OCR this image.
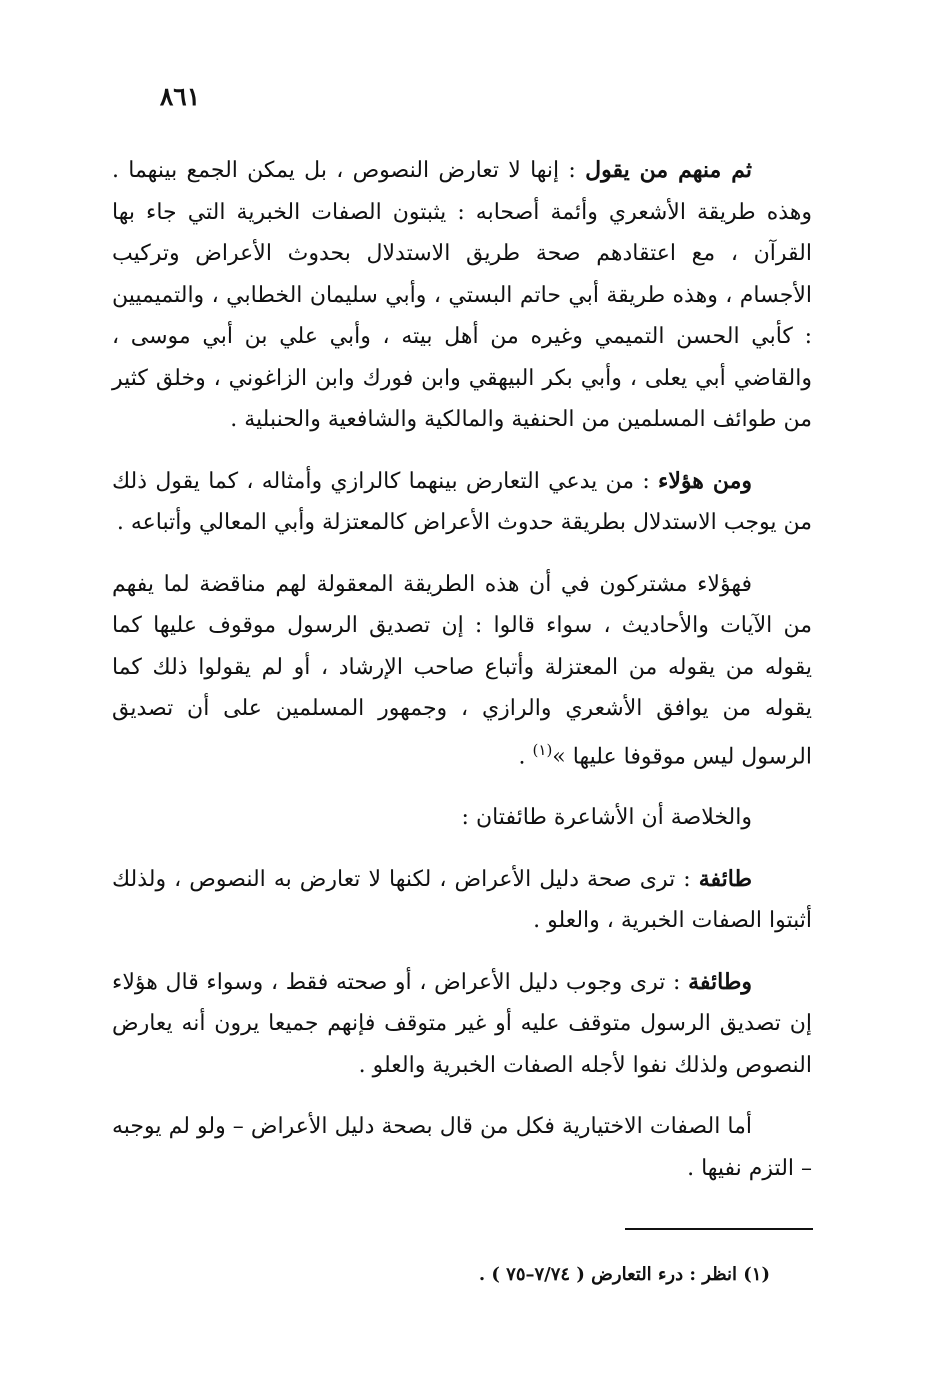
٨٦١

ثم منهم من يقول : إنها لا تعارض النصوص ، بل يمكن الجمع بينهما . وهذه طريقة الأشعري وأئمة أصحابه : يثبتون الصفات الخبرية التي جاء بها القرآن ، مع اعتقادهم صحة طريق الاستدلال بحدوث الأعراض وتركيب الأجسام ، وهذه طريقة أبي حاتم البستي ، وأبي سليمان الخطابي ، والتميميين : كأبي الحسن التميمي وغيره من أهل بيته ، وأبي علي بن أبي موسى ، والقاضي أبي يعلى ، وأبي بكر البيهقي وابن فورك وابن الزاغوني ، وخلق كثير من طوائف المسلمين من الحنفية والمالكية والشافعية والحنبلية .

ومن هؤلاء : من يدعي التعارض بينهما كالرازي وأمثاله ، كما يقول ذلك من يوجب الاستدلال بطريقة حدوث الأعراض كالمعتزلة وأبي المعالي وأتباعه .

فهؤلاء مشتركون في أن هذه الطريقة المعقولة لهم مناقضة لما يفهم من الآيات والأحاديث ، سواء قالوا : إن تصديق الرسول موقوف عليها كما يقوله من يقوله من المعتزلة وأتباع صاحب الإرشاد ، أو لم يقولوا ذلك كما يقوله من يوافق الأشعري والرازي ، وجمهور المسلمين على أن تصديق الرسول ليس موقوفا عليها »$^{(١)}$ .

والخلاصة أن الأشاعرة طائفتان :

طائفة : ترى صحة دليل الأعراض ، لكنها لا تعارض به النصوص ، ولذلك أثبتوا الصفات الخبرية ، والعلو .

وطائفة : ترى وجوب دليل الأعراض ، أو صحته فقط ، وسواء قال هؤلاء إن تصديق الرسول متوقف عليه أو غير متوقف فإنهم جميعا يرون أنه يعارض النصوص ولذلك نفوا لأجله الصفات الخبرية والعلو .

أما الصفات الاختيارية فكل من قال بصحة دليل الأعراض – ولو لم يوجبه – التزم نفيها .

(١) انظر : درء التعارض ( ٧/٧٤–٧٥ ) .
